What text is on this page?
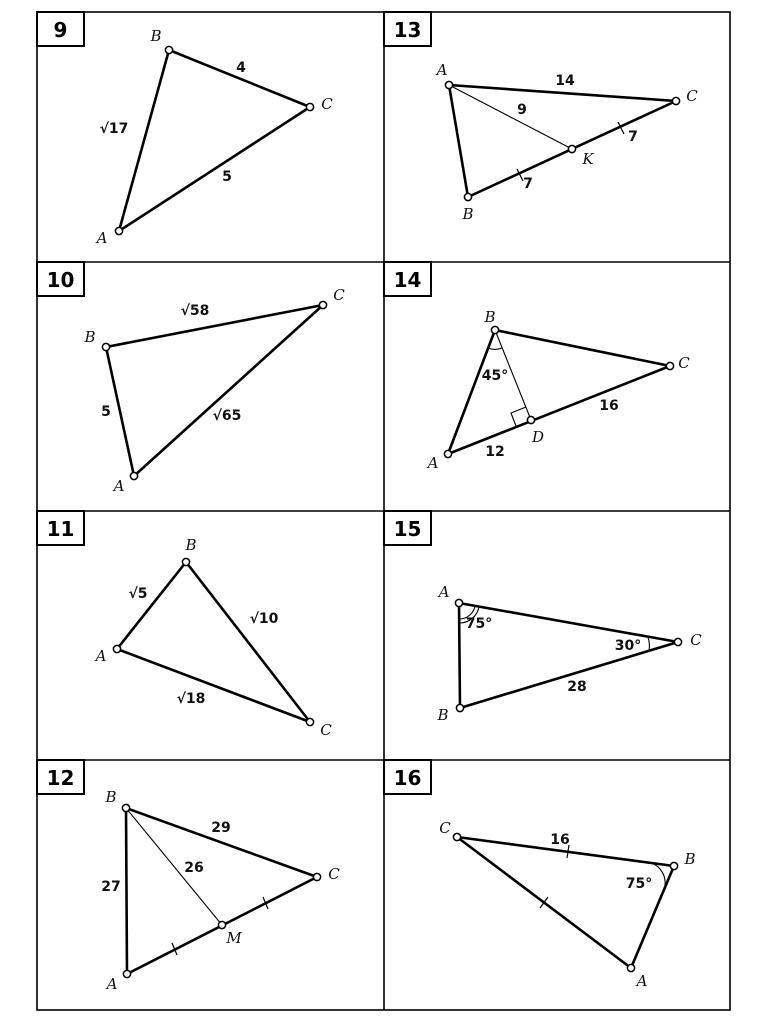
9
√17
4
5
A
B
C
13
14
7
7
9
A
B
C
K
10
5
√58
√65
A
B
C
14
45°
12
16
A
B
C
D
11
√5
√10
√18
A
B
C
15
75°
30°
28
A
B
C
12
27
29
26
A
B
C
M
16
16
75°
A
B
C
